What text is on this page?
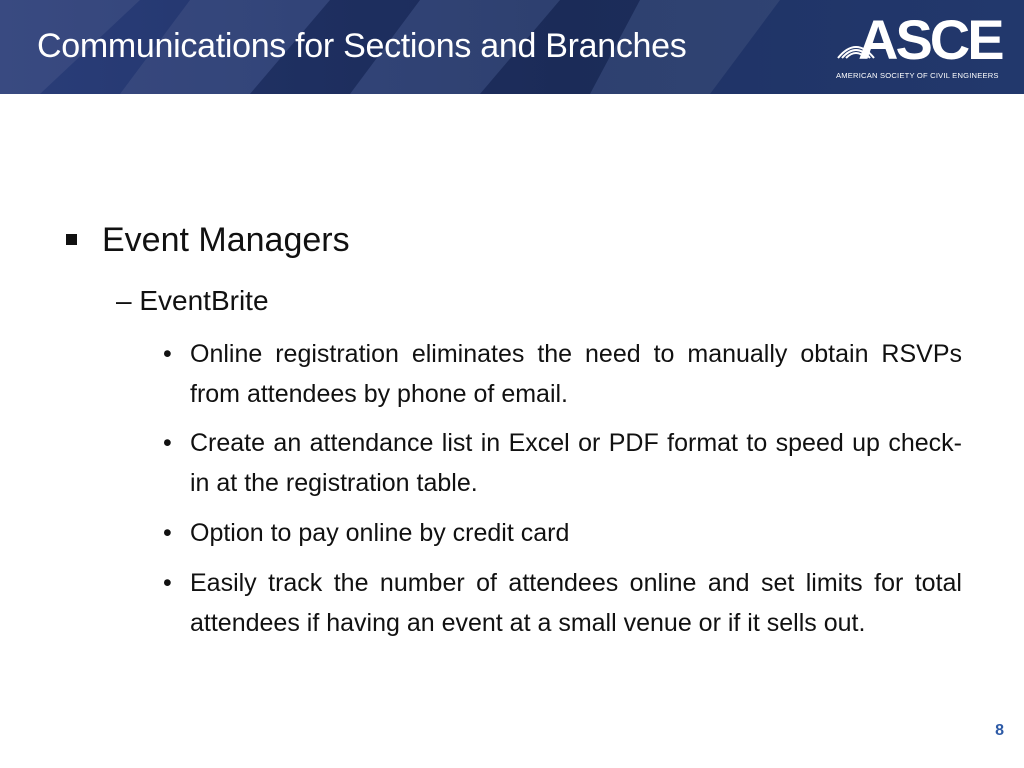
Communications for Sections and Branches	ASCE
AMERICAN SOCIETY OF CIVIL ENGINEERS
Event Managers
– EventBrite
• Online registration eliminates the need to manually obtain RSVPs from attendees by phone of email.
• Create an attendance list in Excel or PDF format to speed up check-in at the registration table.
• Option to pay online by credit card
• Easily track the number of attendees online and set limits for total attendees if having an event at a small venue or if it sells out.
8
